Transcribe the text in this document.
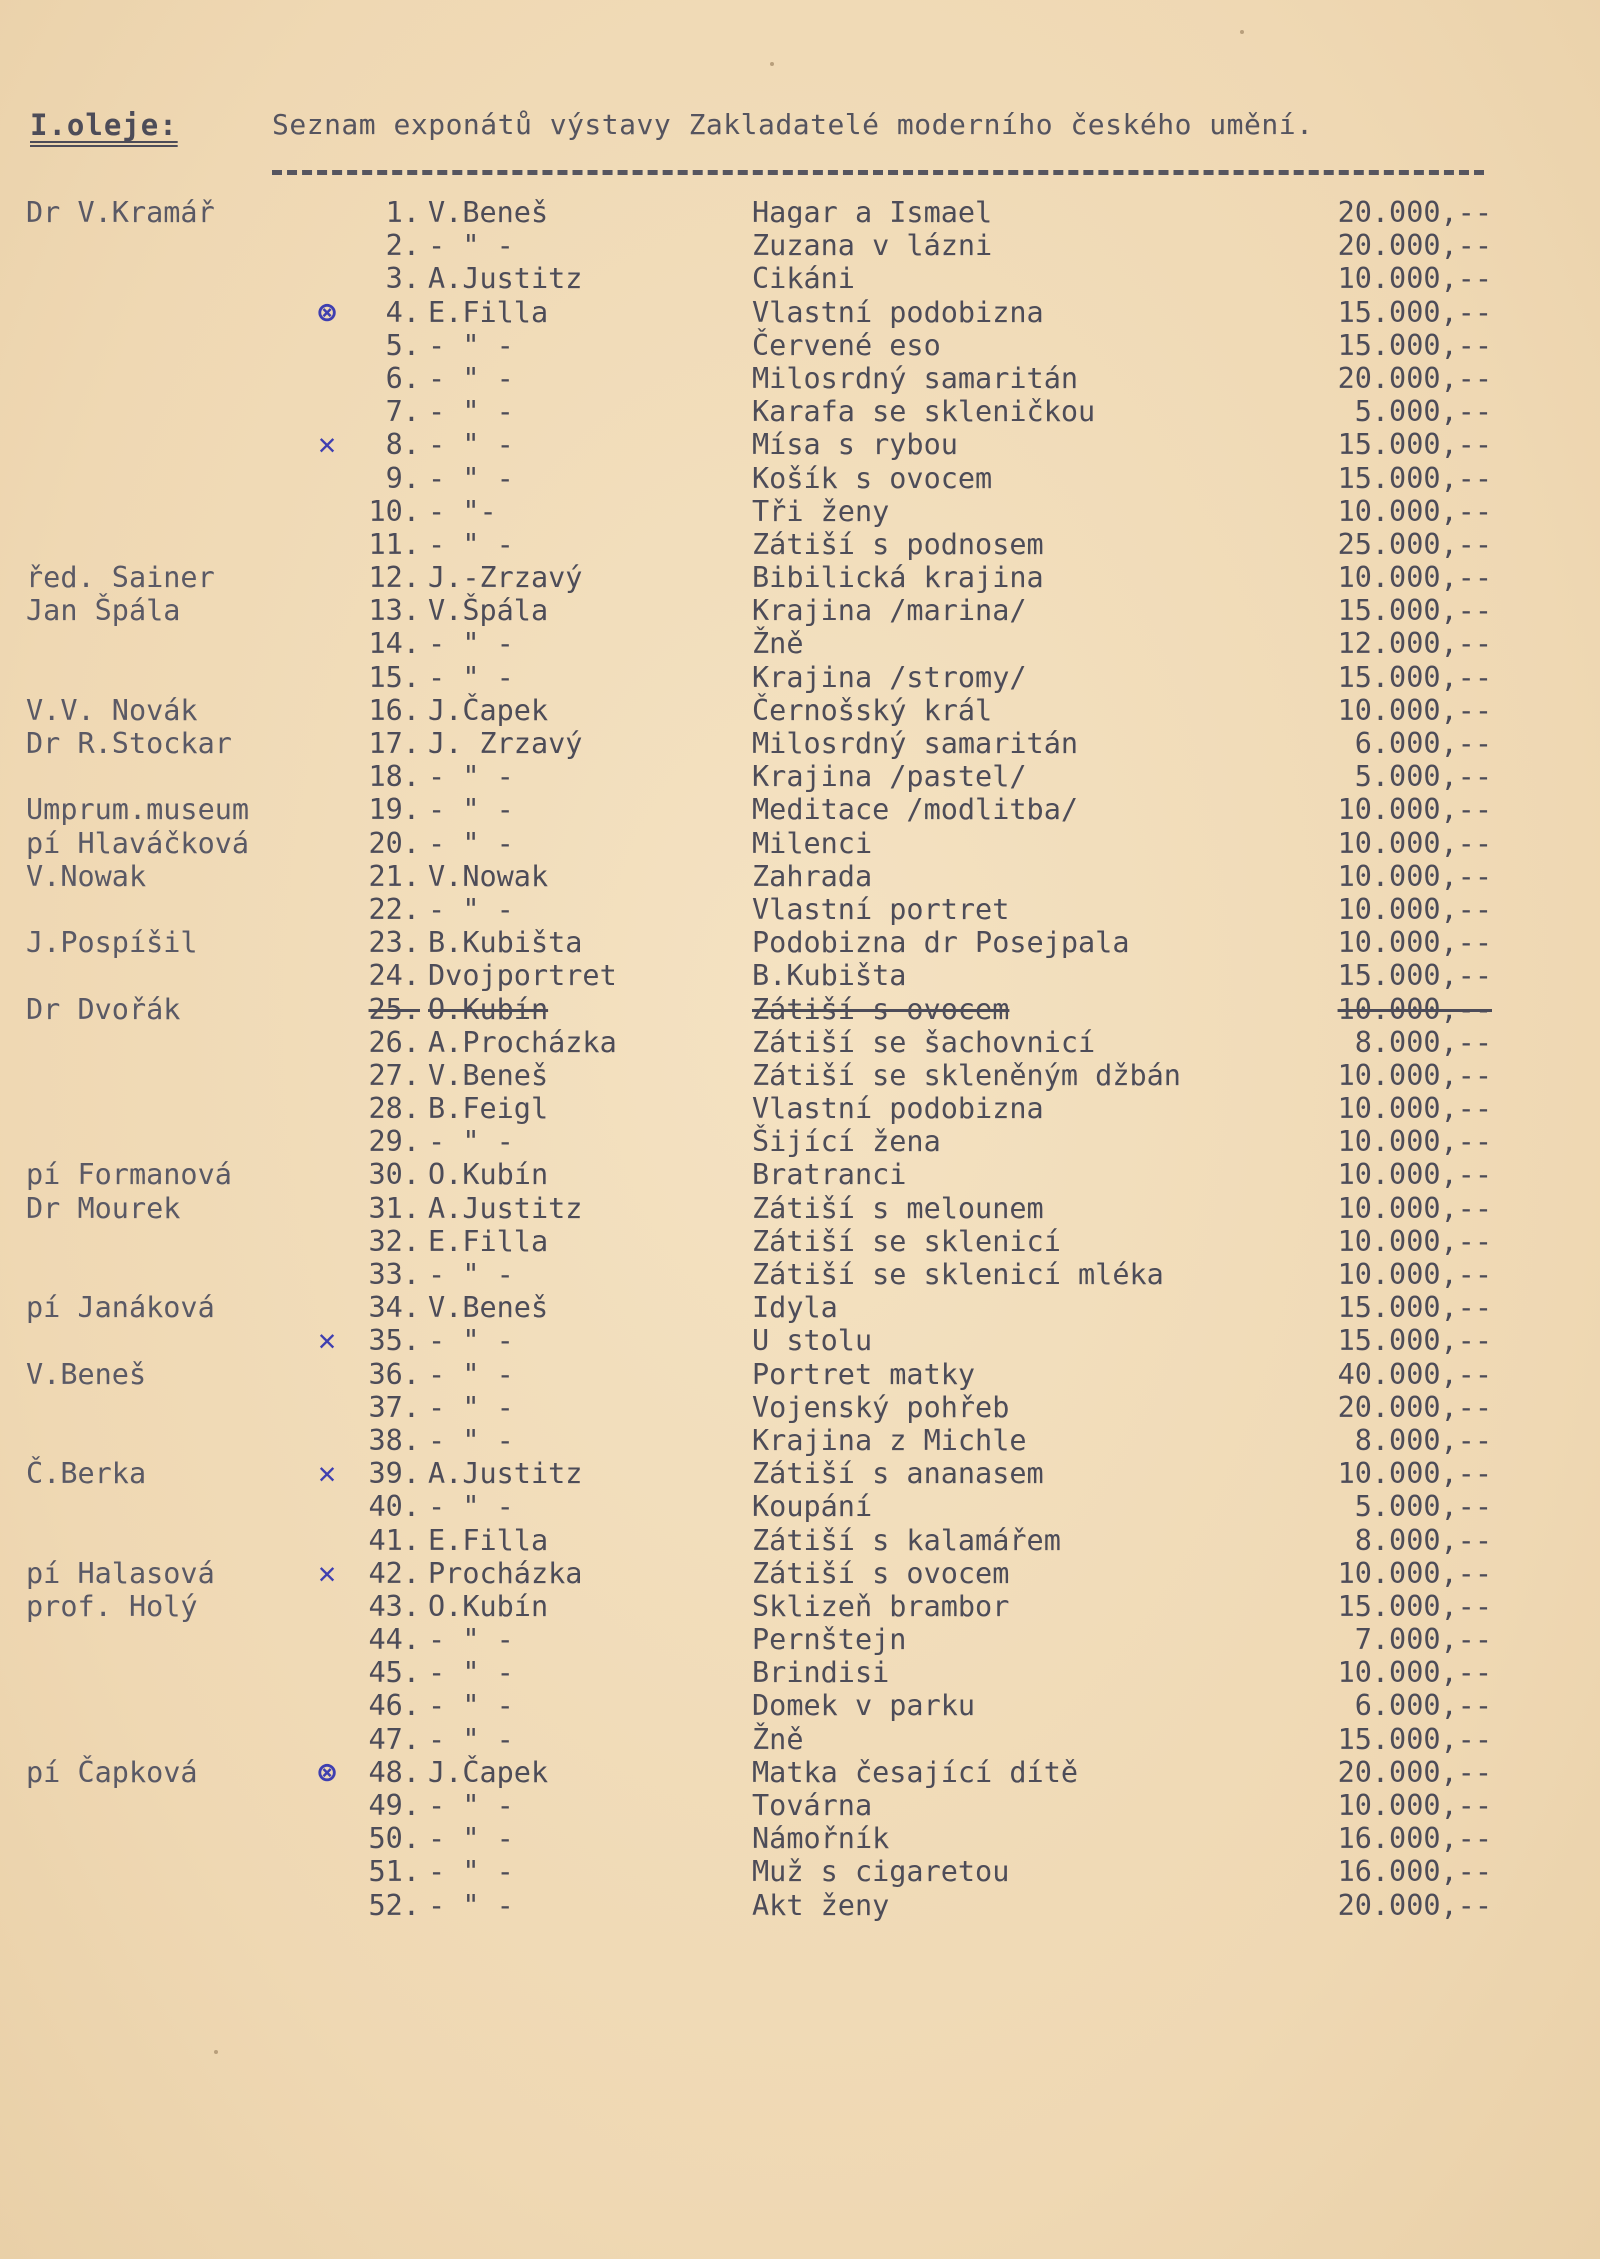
I.oleje:	Seznam exponátů výstavy Zakladatelé moderního českého umění.
Dr V.Kramář	1. V.Beneš	Hagar a Ismael	20.000,--
2. - " -	Zuzana v lázni	20.000,--
3. A.Justitz	Cikáni	10.000,--
⊗	4. E.Filla	Vlastní podobizna	15.000,--
5. - " -	Červené eso	15.000,--
6. - " -	Milosrdný samaritán	20.000,--
7. - " -	Karafa se skleničkou	5.000,--
✕	8. - " -	Mísa s rybou	15.000,--
9. - " -	Košík s ovocem	15.000,--
10. - "-	Tři ženy	10.000,--
11. - " -	Zátiší s podnosem	25.000,--
řed. Sainer	12. J.-Zrzavý	Bibilická krajina	10.000,--
Jan Špála	13. V.Špála	Krajina /marina/	15.000,--
14. - " -	Žně	12.000,--
15. - " -	Krajina /stromy/	15.000,--
V.V. Novák	16. J.Čapek	Černošský král	10.000,--
Dr R.Stockar	17. J. Zrzavý	Milosrdný samaritán	6.000,--
18. - " -	Krajina /pastel/	5.000,--
Umprum.museum	19. - " -	Meditace /modlitba/	10.000,--
pí Hlaváčková	20. - " -	Milenci	10.000,--
V.Nowak	21. V.Nowak	Zahrada	10.000,--
22. - " -	Vlastní portret	10.000,--
J.Pospíšil	23. B.Kubišta	Podobizna dr Posejpala	10.000,--
24. Dvojportret	B.Kubišta	15.000,--
Dr Dvořák	25. O.Kubín	Zátiší s ovocem	10.000,--
26. A.Procházka	Zátiší se šachovnicí	8.000,--
27. V.Beneš	Zátiší se skleněným džbán	10.000,--
28. B.Feigl	Vlastní podobizna	10.000,--
29. - " -	Šijící žena	10.000,--
pí Formanová	30. O.Kubín	Bratranci	10.000,--
Dr Mourek	31. A.Justitz	Zátiší s melounem	10.000,--
32. E.Filla	Zátiší se sklenicí	10.000,--
33. - " -	Zátiší se sklenicí mléka	10.000,--
pí Janáková	34. V.Beneš	Idyla	15.000,--
✕	35. - " -	U stolu	15.000,--
V.Beneš	36. - " -	Portret matky	40.000,--
37. - " -	Vojenský pohřeb	20.000,--
38. - " -	Krajina z Michle	8.000,--
Č.Berka	✕	39. A.Justitz	Zátiší s ananasem	10.000,--
40. - " -	Koupání	5.000,--
41. E.Filla	Zátiší s kalamářem	8.000,--
pí Halasová	✕	42. Procházka	Zátiší s ovocem	10.000,--
prof. Holý	43. O.Kubín	Sklizeň brambor	15.000,--
44. - " -	Pernštejn	7.000,--
45. - " -	Brindisi	10.000,--
46. - " -	Domek v parku	6.000,--
47. - " -	Žně	15.000,--
pí Čapková	⊗	48. J.Čapek	Matka česající dítě	20.000,--
49. - " -	Továrna	10.000,--
50. - " -	Námořník	16.000,--
51. - " -	Muž s cigaretou	16.000,--
52. - " -	Akt ženy	20.000,--
